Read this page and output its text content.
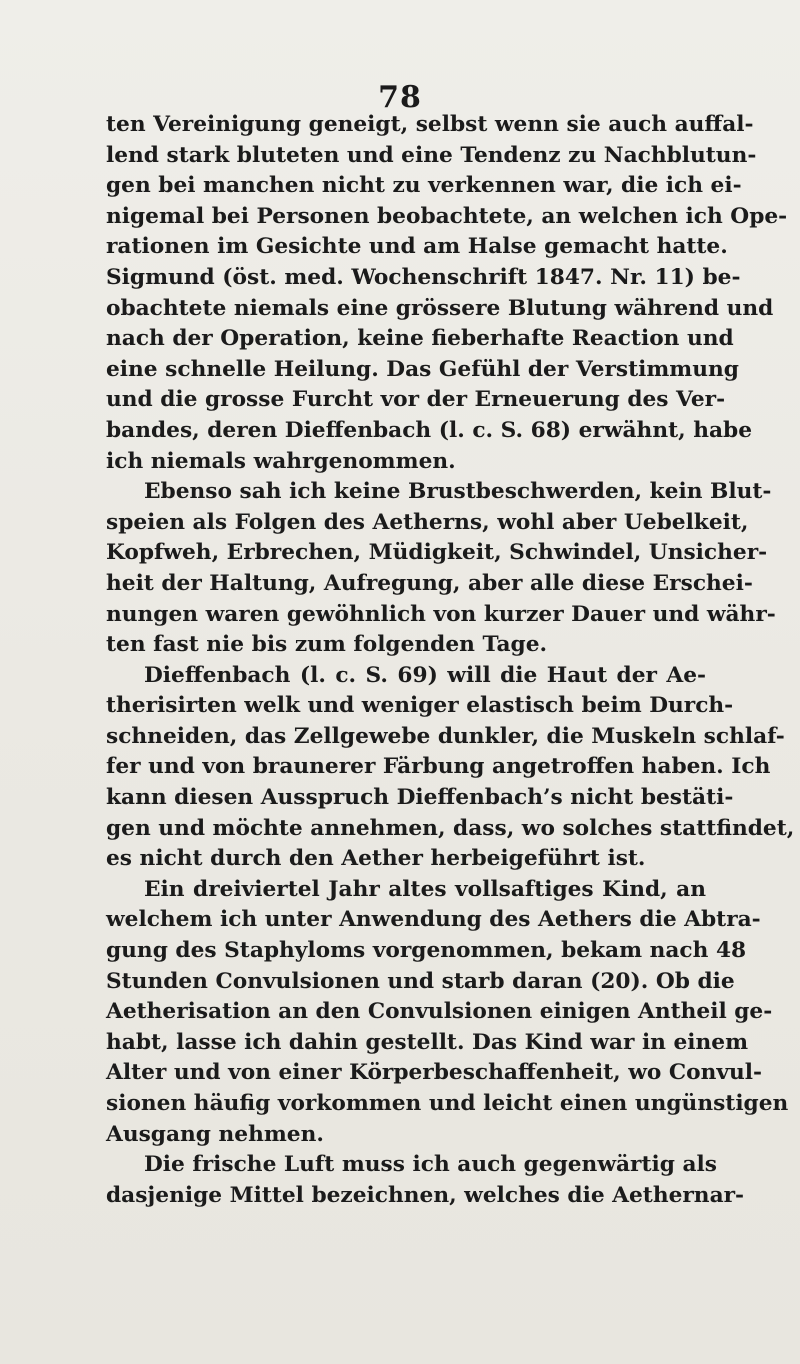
78
ten Vereinigung geneigt, selbst wenn sie auch auffal-
lend stark bluteten und eine Tendenz zu Nachblutun-
gen bei manchen nicht zu verkennen war, die ich ei-
nigemal bei Personen beobachtete, an welchen ich Ope-
rationen im Gesichte und am Halse gemacht hatte.
Sigmund (öst. med. Wochenschrift 1847. Nr. 11) be-
obachtete niemals eine grössere Blutung während und
nach der Operation, keine fieberhafte Reaction und
eine schnelle Heilung. Das Gefühl der Verstimmung
und die grosse Furcht vor der Erneuerung des Ver-
bandes, deren Dieffenbach (l. c. S. 68) erwähnt, habe
ich niemals wahrgenommen.
Ebenso sah ich keine Brustbeschwerden, kein Blut-
speien als Folgen des Aetherns, wohl aber Uebelkeit,
Kopfweh, Erbrechen, Müdigkeit, Schwindel, Unsicher-
heit der Haltung, Aufregung, aber alle diese Erschei-
nungen waren gewöhnlich von kurzer Dauer und währ-
ten fast nie bis zum folgenden Tage.
Dieffenbach (l. c. S. 69) will die Haut der Ae-
therisirten welk und weniger elastisch beim Durch-
schneiden, das Zellgewebe dunkler, die Muskeln schlaf-
fer und von braunerer Färbung angetroffen haben. Ich
kann diesen Ausspruch Dieffenbach’s nicht bestäti-
gen und möchte annehmen, dass, wo solches stattfindet,
es nicht durch den Aether herbeigeführt ist.
Ein dreiviertel Jahr altes vollsaftiges Kind, an
welchem ich unter Anwendung des Aethers die Abtra-
gung des Staphyloms vorgenommen, bekam nach 48
Stunden Convulsionen und starb daran (20). Ob die
Aetherisation an den Convulsionen einigen Antheil ge-
habt, lasse ich dahin gestellt. Das Kind war in einem
Alter und von einer Körperbeschaffenheit, wo Convul-
sionen häufig vorkommen und leicht einen ungünstigen
Ausgang nehmen.
Die frische Luft muss ich auch gegenwärtig als
dasjenige Mittel bezeichnen, welches die Aethernar-
